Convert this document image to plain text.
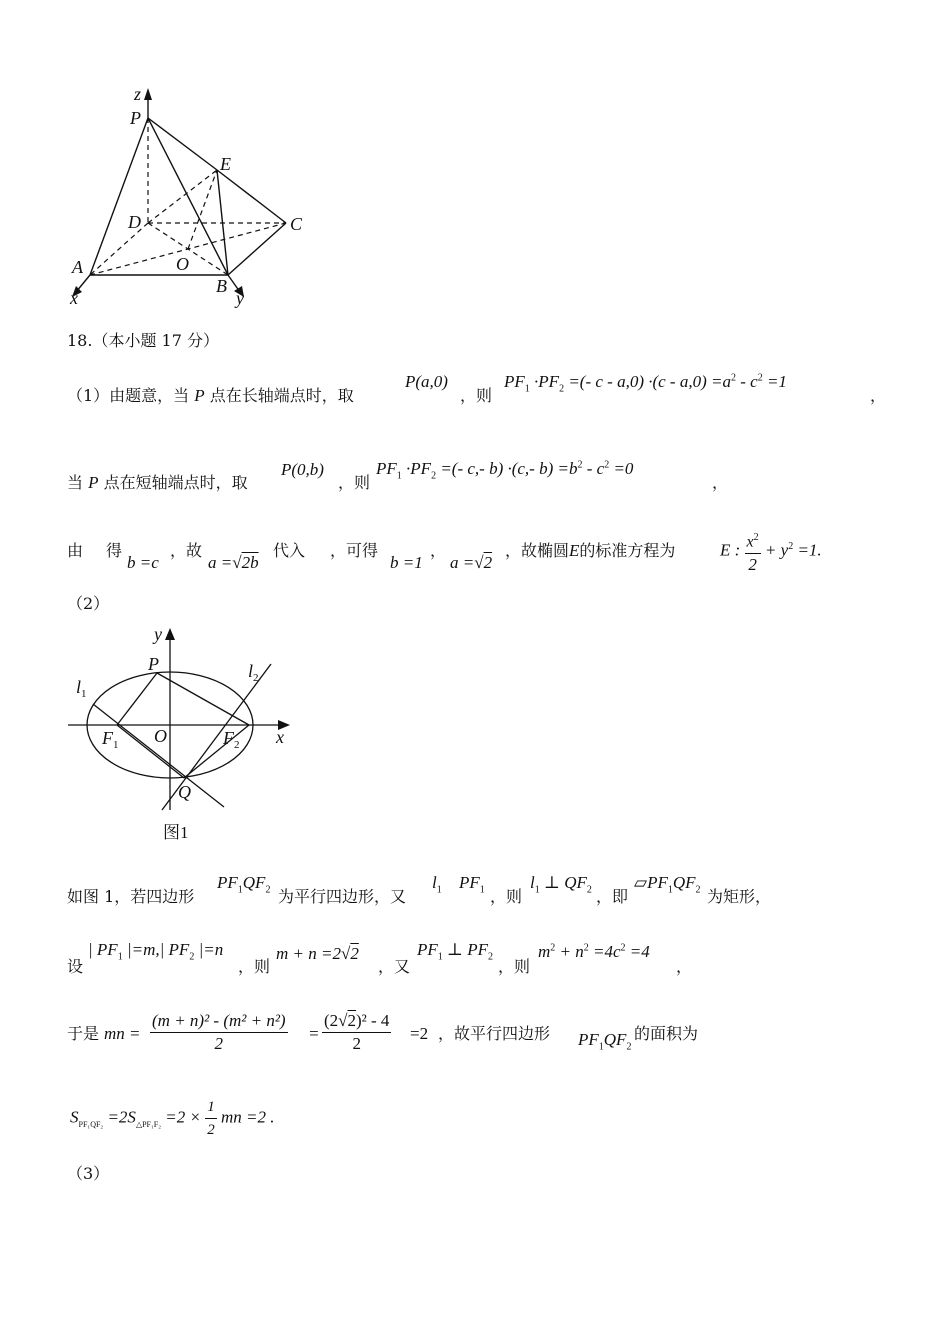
z
P
E
D	C
A	O
B
x	y
18.（本小题 17 分）
（1）由题意，当 P 点在长轴端点时，取
P(a,0)
，则
$PF_1 \cdot PF_2$ =(- $c - a,0) \cdot(c - a,0) =a^2 - c^2 =1$
，
当 P 点在短轴端点时，取
P(0,b)
，则
$PF_1 \cdot PF_2$ =(- c,- b) ·(c,- $b) =b^2 - c^2 =0$
，
由 得
b =c
，故
a =√2b
代入 ，可得
b =1
，
a =√2
，故椭圆E的标准方程为	E : $\frac{x^2}{2} + y^2 =1$.
（2）
y
P
$l_1$
$l_2$
$F_1$ O	$F_2$ x
Q
图1
如图 1，若四边形
$PF_1QF_2$ 为平行四边形，又
$l_1$ $PF_1$ ，则
$l_1$ ⊥ $QF_2$ ，即
$▱PF_1QF_2$ 为矩形，
设
| $PF_1$ |=m,| $PF_2$ |=n
，则
m + n =2√2
，又
$PF_1$ ⊥ $PF_2$
，则
$m^2 + n^2 =4c^2 =4$
，
于是 mn = $\frac{\text{(m + n)² - (m² + n²)}}{2} = \frac{\text{(2√2)² - 4}}{2} =2$ ，故平行四边形 $PF_1QF_2$
的面积为
$S_{PF_1QF_2} =2S_{\triangle PF_1F_2} =2 \times \frac{1}{2}$ mn =2 .
（3）
